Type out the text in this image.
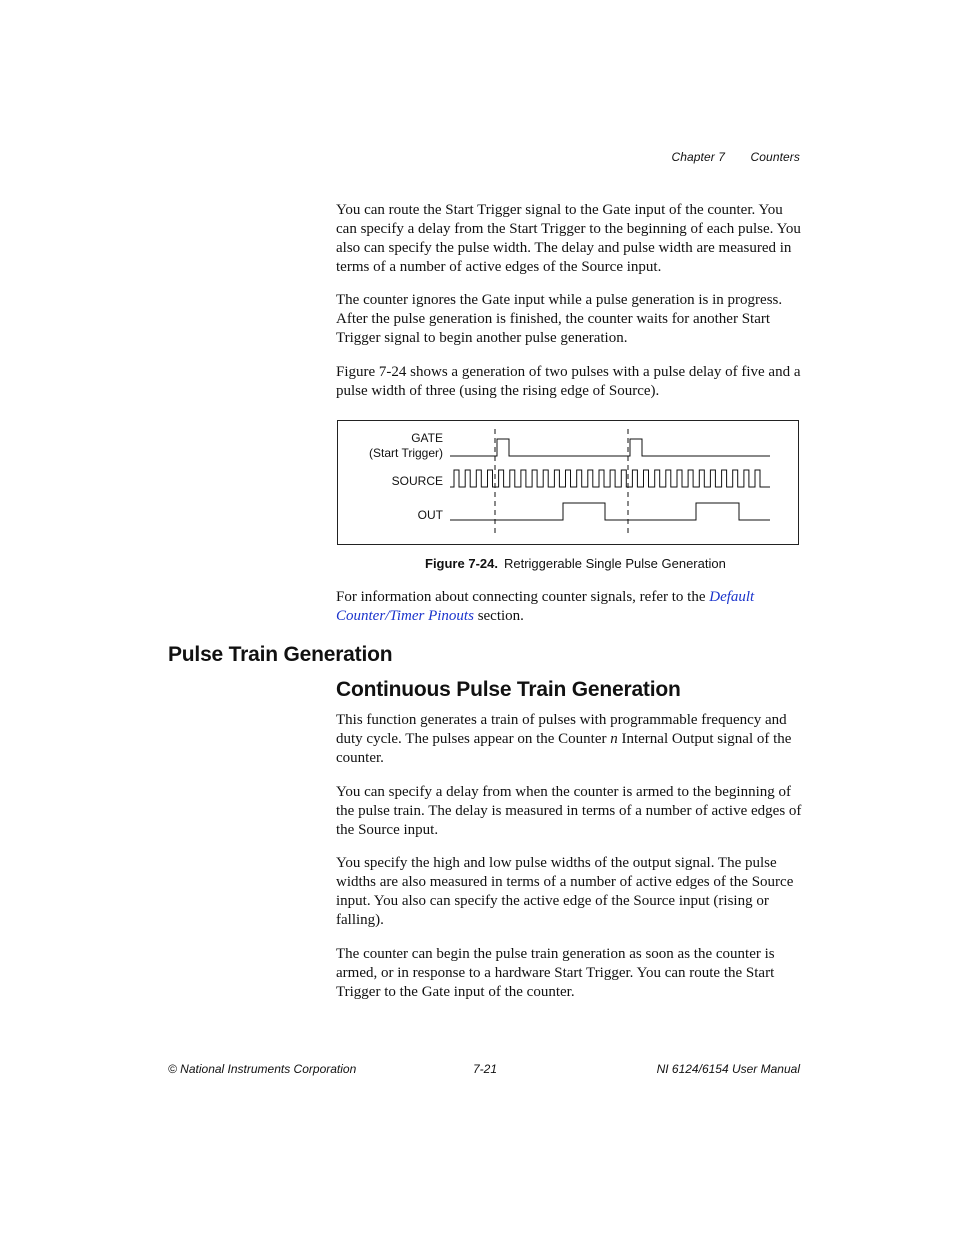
Chapter 7 Counters

You can route the Start Trigger signal to the Gate input of the counter. You can specify a delay from the Start Trigger to the beginning of each pulse. You also can specify the pulse width. The delay and pulse width are measured in terms of a number of active edges of the Source input.

The counter ignores the Gate input while a pulse generation is in progress. After the pulse generation is finished, the counter waits for another Start Trigger signal to begin another pulse generation.

Figure 7-24 shows a generation of two pulses with a pulse delay of five and a pulse width of three (using the rising edge of Source).

GATE
(Start Trigger)
SOURCE
OUT
Figure 7-24. Retriggerable Single Pulse Generation

For information about connecting counter signals, refer to the Default Counter/Timer Pinouts section.

Pulse Train Generation
Continuous Pulse Train Generation

This function generates a train of pulses with programmable frequency and duty cycle. The pulses appear on the Counter n Internal Output signal of the counter.

You can specify a delay from when the counter is armed to the beginning of the pulse train. The delay is measured in terms of a number of active edges of the Source input.

You specify the high and low pulse widths of the output signal. The pulse widths are also measured in terms of a number of active edges of the Source input. You also can specify the active edge of the Source input (rising or falling).

The counter can begin the pulse train generation as soon as the counter is armed, or in response to a hardware Start Trigger. You can route the Start Trigger to the Gate input of the counter.

© National Instruments Corporation	7-21	NI 6124/6154 User Manual
